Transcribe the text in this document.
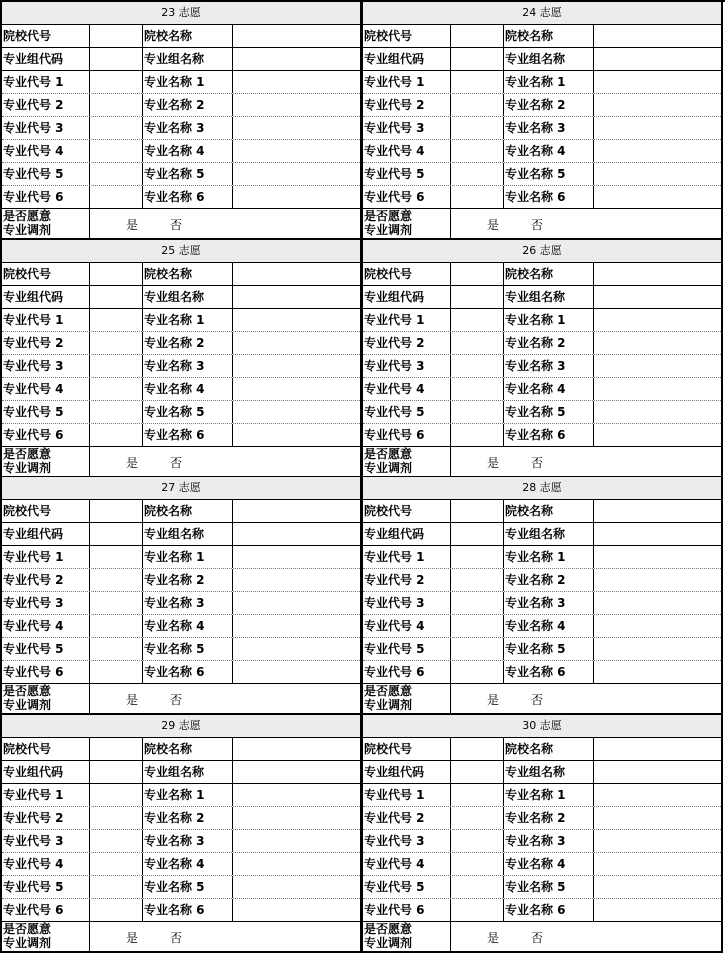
23 志愿
院校代号	院校名称
专业组代码	专业组名称
专业代号 1	专业名称 1
专业代号 2	专业名称 2
专业代号 3	专业名称 3
专业代号 4	专业名称 4
专业代号 5	专业名称 5
专业代号 6	专业名称 6
是否愿意
专业调剂	是	否
24 志愿
院校代号	院校名称
专业组代码	专业组名称
专业代号 1	专业名称 1
专业代号 2	专业名称 2
专业代号 3	专业名称 3
专业代号 4	专业名称 4
专业代号 5	专业名称 5
专业代号 6	专业名称 6
是否愿意
专业调剂	是	否
25 志愿
院校代号	院校名称
专业组代码	专业组名称
专业代号 1	专业名称 1
专业代号 2	专业名称 2
专业代号 3	专业名称 3
专业代号 4	专业名称 4
专业代号 5	专业名称 5
专业代号 6	专业名称 6
是否愿意
专业调剂	是	否
26 志愿
院校代号	院校名称
专业组代码	专业组名称
专业代号 1	专业名称 1
专业代号 2	专业名称 2
专业代号 3	专业名称 3
专业代号 4	专业名称 4
专业代号 5	专业名称 5
专业代号 6	专业名称 6
是否愿意
专业调剂	是	否
27 志愿
院校代号	院校名称
专业组代码	专业组名称
专业代号 1	专业名称 1
专业代号 2	专业名称 2
专业代号 3	专业名称 3
专业代号 4	专业名称 4
专业代号 5	专业名称 5
专业代号 6	专业名称 6
是否愿意
专业调剂	是	否
28 志愿
院校代号	院校名称
专业组代码	专业组名称
专业代号 1	专业名称 1
专业代号 2	专业名称 2
专业代号 3	专业名称 3
专业代号 4	专业名称 4
专业代号 5	专业名称 5
专业代号 6	专业名称 6
是否愿意
专业调剂	是	否
29 志愿
院校代号	院校名称
专业组代码	专业组名称
专业代号 1	专业名称 1
专业代号 2	专业名称 2
专业代号 3	专业名称 3
专业代号 4	专业名称 4
专业代号 5	专业名称 5
专业代号 6	专业名称 6
是否愿意
专业调剂	是	否
30 志愿
院校代号	院校名称
专业组代码	专业组名称
专业代号 1	专业名称 1
专业代号 2	专业名称 2
专业代号 3	专业名称 3
专业代号 4	专业名称 4
专业代号 5	专业名称 5
专业代号 6	专业名称 6
是否愿意
专业调剂	是	否
